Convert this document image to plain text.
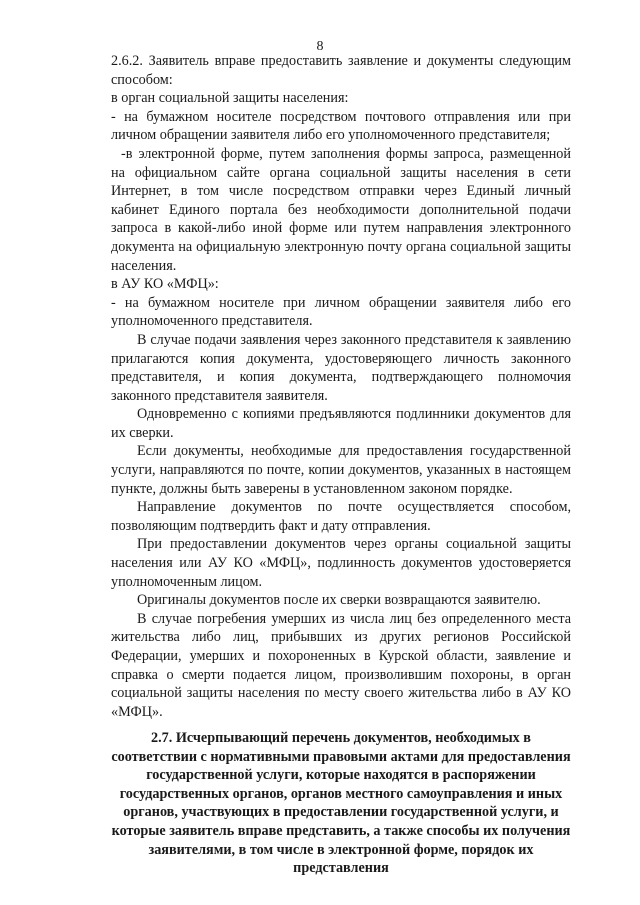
8

2.6.2. Заявитель вправе предоставить заявление и документы следующим способом:

в орган социальной защиты населения:

- на бумажном носителе посредством почтового отправления или при личном обращении заявителя либо его уполномоченного представителя;

-в электронной форме, путем заполнения формы запроса, размещенной на официальном сайте органа социальной защиты населения в сети Интернет, в том числе посредством отправки через Единый личный кабинет Единого портала без необходимости дополнительной подачи запроса в какой-либо иной форме или путем направления электронного документа на официальную электронную почту органа социальной защиты населения.

в АУ КО «МФЦ»:

- на бумажном носителе при личном обращении заявителя либо его уполномоченного представителя.

В случае подачи заявления через законного представителя к заявлению прилагаются копия документа, удостоверяющего личность законного представителя, и копия документа, подтверждающего полномочия законного представителя заявителя.

Одновременно с копиями предъявляются подлинники документов для их сверки.

Если документы, необходимые для предоставления государственной услуги, направляются по почте, копии документов, указанных в настоящем пункте, должны быть заверены в установленном законом порядке.

Направление документов по почте осуществляется способом, позволяющим подтвердить факт и дату отправления.

При предоставлении документов через органы социальной защиты населения или АУ КО «МФЦ», подлинность документов удостоверяется уполномоченным лицом.

Оригиналы документов после их сверки возвращаются заявителю.

В случае погребения умерших из числа лиц без определенного места жительства либо лиц, прибывших из других регионов Российской Федерации, умерших и похороненных в Курской области, заявление и справка о смерти подается лицом, произволившим похороны, в орган социальной защиты населения по месту своего жительства либо в АУ КО «МФЦ».

2.7. Исчерпывающий перечень документов, необходимых в соответствии с нормативными правовыми актами для предоставления государственной услуги, которые находятся в распоряжении государственных органов, органов местного самоуправления и иных органов, участвующих в предоставлении государственной услуги, и которые заявитель вправе представить, а также способы их получения заявителями, в том числе в электронной форме, порядок их представления
